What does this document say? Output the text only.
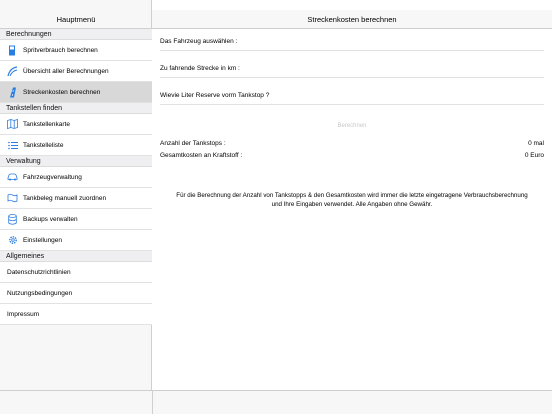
Hauptmenü
Berechnungen
Spritverbrauch berechnen
Übersicht aller Berechnungen
Streckenkosten berechnen
Tankstellen finden
Tankstellenkarte
Tankstelleliste
Verwaltung
Fahrzeugverwaltung
Tankbeleg manuell zuordnen
Backups verwalten
Einstellungen
Allgemeines
Datenschutzrichtlinien
Nutzungsbedingungen
Impressum
Streckenkosten berechnen
Das Fahrzeug auswählen :
Zu fahrende Strecke in km :
Wievie Liter Reserve vorm Tankstop ?
Berechnen
Anzahl der Tankstops :	0 mal
Gesamtkosten an Kraftstoff :	0 Euro
Für die Berechnung der Anzahl von Tankstopps & den Gesamtkosten wird immer die letzte eingetragene Verbrauchsberechnung und Ihre Eingaben verwendet. Alle Angaben ohne Gewähr.
